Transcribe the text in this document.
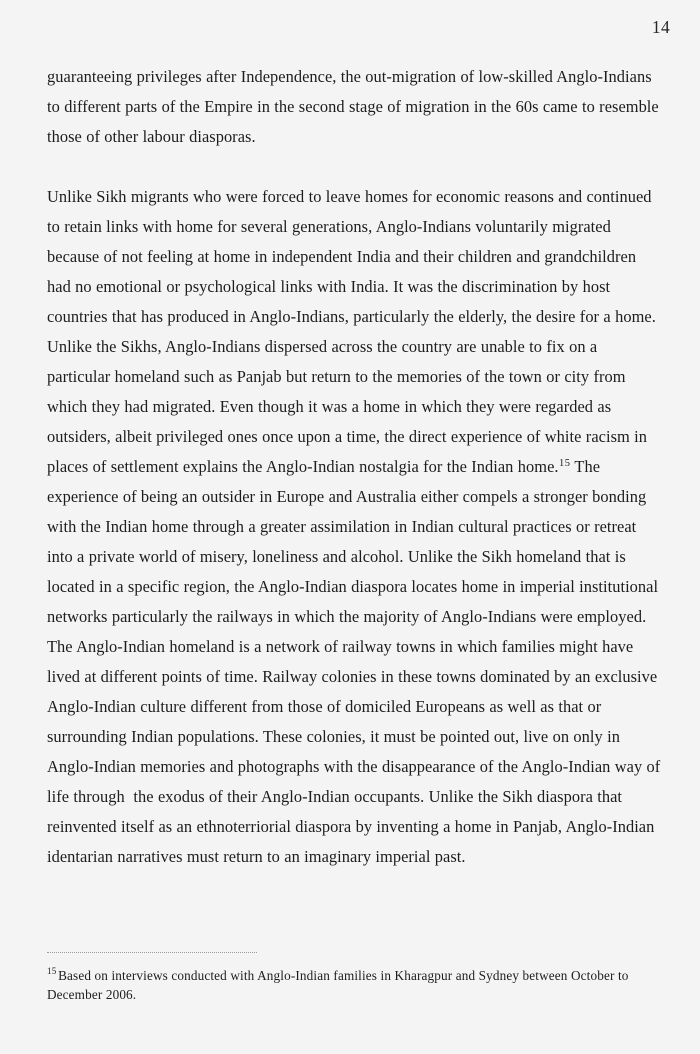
14

guaranteeing privileges after Independence, the out-migration of low-skilled Anglo-Indians to different parts of the Empire in the second stage of migration in the 60s came to resemble those of other labour diasporas.

Unlike Sikh migrants who were forced to leave homes for economic reasons and continued to retain links with home for several generations, Anglo-Indians voluntarily migrated because of not feeling at home in independent India and their children and grandchildren had no emotional or psychological links with India. It was the discrimination by host countries that has produced in Anglo-Indians, particularly the elderly, the desire for a home. Unlike the Sikhs, Anglo-Indians dispersed across the country are unable to fix on a particular homeland such as Panjab but return to the memories of the town or city from which they had migrated. Even though it was a home in which they were regarded as outsiders, albeit privileged ones once upon a time, the direct experience of white racism in places of settlement explains the Anglo-Indian nostalgia for the Indian home.$^{15}$ The experience of being an outsider in Europe and Australia either compels a stronger bonding with the Indian home through a greater assimilation in Indian cultural practices or retreat into a private world of misery, loneliness and alcohol. Unlike the Sikh homeland that is located in a specific region, the Anglo-Indian diaspora locates home in imperial institutional networks particularly the railways in which the majority of Anglo-Indians were employed. The Anglo-Indian homeland is a network of railway towns in which families might have lived at different points of time. Railway colonies in these towns dominated by an exclusive Anglo-Indian culture different from those of domiciled Europeans as well as that or surrounding Indian populations. These colonies, it must be pointed out, live on only in Anglo-Indian memories and photographs with the disappearance of the Anglo-Indian way of life through  the exodus of their Anglo-Indian occupants. Unlike the Sikh diaspora that reinvented itself as an ethnoterriorial diaspora by inventing a home in Panjab, Anglo-Indian identarian narratives must return to an imaginary imperial past.

$^{15}$ Based on interviews conducted with Anglo-Indian families in Kharagpur and Sydney between October to December 2006.
